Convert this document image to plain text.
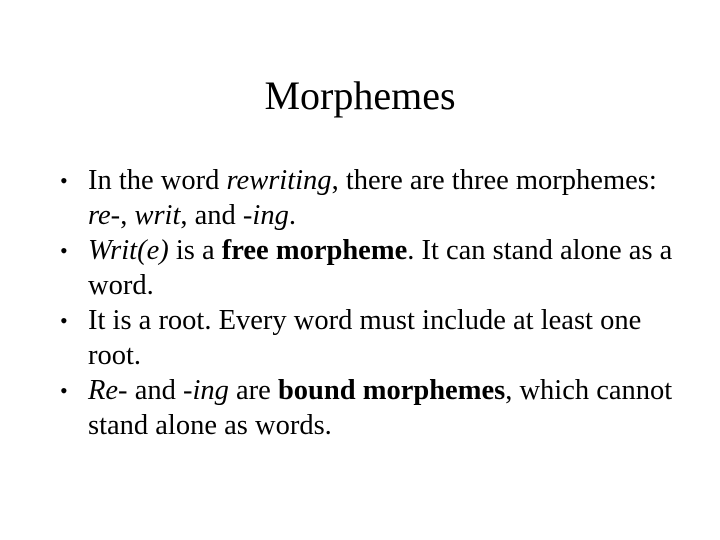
Morphemes
• In the word rewriting, there are three morphemes: re-, writ, and -ing.
• Writ(e) is a free morpheme. It can stand alone as a word.
• It is a root. Every word must include at least one root.
• Re- and -ing are bound morphemes, which cannot stand alone as words.
